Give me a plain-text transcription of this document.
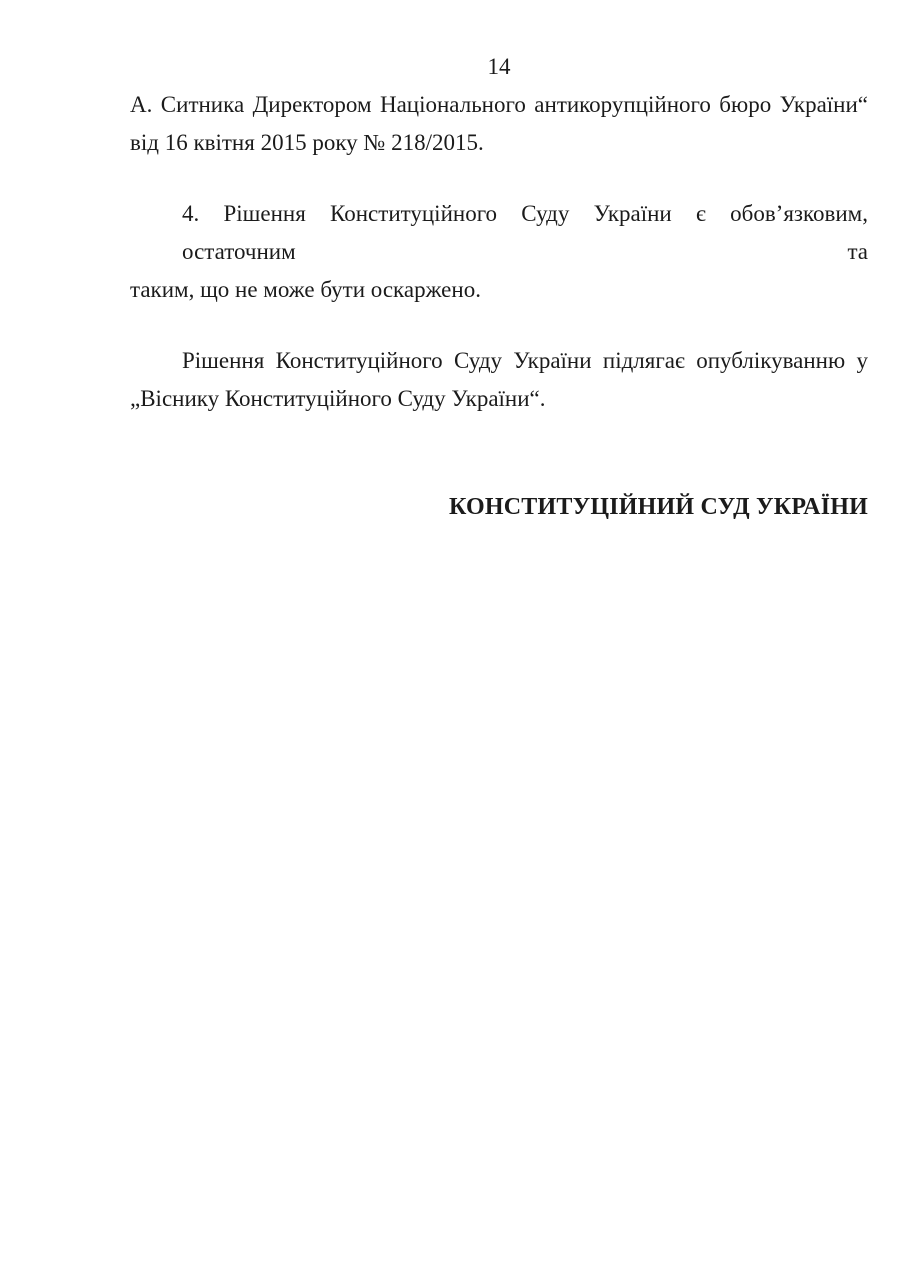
14

А. Ситника Директором Національного антикорупційного бюро України“
від 16 квітня 2015 року № 218/2015.

4. Рішення Конституційного Суду України є обов’язковим, остаточним та
таким, що не може бути оскаржено.

Рішення Конституційного Суду України підлягає опублікуванню у
„Віснику Конституційного Суду України“.

КОНСТИТУЦІЙНИЙ СУД УКРАЇНИ
